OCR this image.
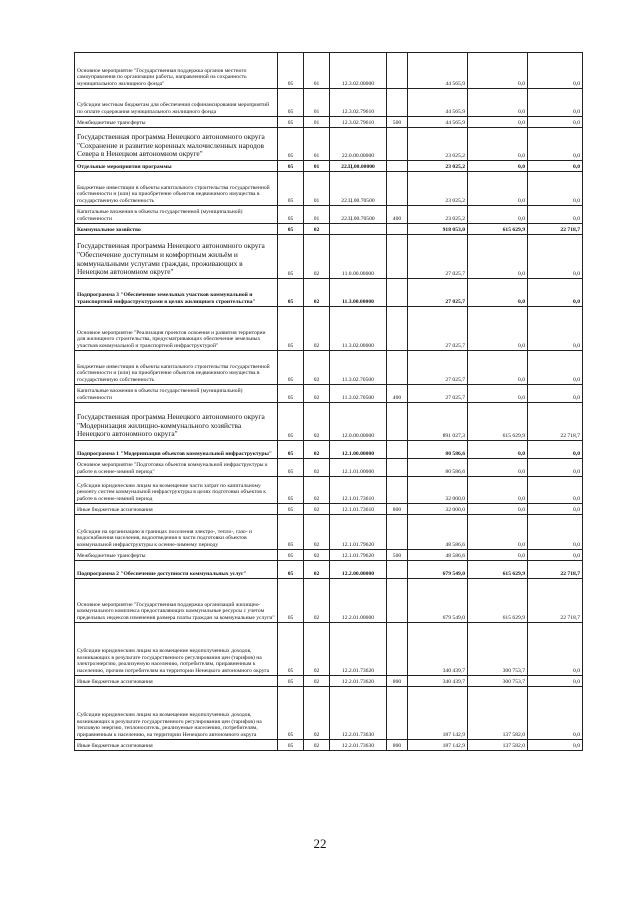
Основное мероприятие "Государственная поддержка органов местного самоуправления по организации работы, направленной на сохранность муниципального жилищного фонда"	05	01	12.3.02.00000		44 565,9	0,0	0,0
Субсидии местным бюджетам для обеспечения софинансирования мероприятий по оплате содержания муниципального жилищного фонда	05	01	12.3.02.79610		44 565,9	0,0	0,0
Межбюджетные трансферты	05	01	12.3.02.79610	500	44 565,9	0,0	0,0
Государственная программа Ненецкого автономного округа "Сохранение и развитие коренных малочисленных народов Севера в Ненецком автономном округе"	05	01	22.0.00.00000		23 025,2	0,0	0,0
Отдельные мероприятия программы	05	01	22.Ц.00.00000		23 025,2	0,0	0,0
Бюджетные инвестиции в объекты капитального строительства государственной собственности и (или) на приобретение объектов недвижимого имущества в государственную собственность	05	01	22.Ц.00.70500		23 025,2	0,0	0,0
Капитальные вложения в объекты государственной (муниципальной) собственности	05	01	22.Ц.00.70500	400	23 025,2	0,0	0,0
Коммунальное хозяйство	05	02			918 053,0	615 629,9	22 718,7
Государственная программа Ненецкого автономного округа "Обеспечение доступным и комфортным жильём и коммунальными услугами граждан, проживающих в Ненецком автономном округе"	05	02	11.0.00.00000		27 025,7	0,0	0,0
Подпрограмма 3 "Обеспечение земельных участков коммунальной и транспортной инфраструктурами в целях жилищного строительства"	05	02	11.3.00.00000		27 025,7	0,0	0,0
Основное мероприятие "Реализация проектов освоения и развития территории для жилищного строительства, предусматривающих обеспечение земельных участков коммунальной и транспортной инфраструктурой"	05	02	11.3.02.00000		27 025,7	0,0	0,0
Бюджетные инвестиции в объекты капитального строительства государственной собственности и (или) на приобретение объектов недвижимого имущества в государственную собственность	05	02	11.3.02.70500		27 025,7	0,0	0,0
Капитальные вложения в объекты государственной (муниципальной) собственности	05	02	11.3.02.70500	400	27 025,7	0,0	0,0
Государственная программа Ненецкого автономного округа "Модернизация жилищно-коммунального хозяйства Ненецкого автономного округа"	05	02	12.0.00.00000		891 027,3	615 629,9	22 718,7
Подпрограмма 1 "Модернизация объектов коммунальной инфраструктуры"	05	02	12.1.00.00000		80 586,6	0,0	0,0
Основное мероприятие "Подготовка объектов коммунальной инфраструктуры к работе в осенне-зимний период"	05	02	12.1.01.00000		80 586,6	0,0	0,0
Субсидии юридическим лицам на возмещение части затрат по капитальному ремонту систем коммунальной инфраструктуры в целях подготовки объектов к работе в осенне-зимний период	05	02	12.1.01.73610		32 000,0	0,0	0,0
Иные бюджетные ассигнования	05	02	12.1.01.73610	800	32 000,0	0,0	0,0
Субсидии на организацию в границах поселения электро-, тепло-, газо- и водоснабжения населения, водоотведения в части подготовки объектов коммунальной инфраструктуры к осенне-зимнему периоду	05	02	12.1.01.79620		48 586,6	0,0	0,0
Межбюджетные трансферты	05	02	12.1.01.79620	500	48 586,6	0,0	0,0
Подпрограмма 2 "Обеспечение доступности коммунальных услуг"	05	02	12.2.00.00000		679 549,0	615 629,9	22 718,7
Основное мероприятие "Государственная поддержка организаций жилищно-коммунального комплекса предоставляющих коммунальные ресурсы с учетом предельных индексов изменения размера платы граждан за коммунальные услуги"	05	02	12.2.01.00000		679 549,0	615 629,9	22 718,7
Субсидии юридическим лицам на возмещение недополученных доходов, возникающих в результате государственного регулирования цен (тарифов) на электроэнергию, реализуемую населению, потребителям, приравненным к населению, прочим потребителям на территории Ненецкого автономного округа	05	02	12.2.01.73620		340 439,7	300 753,7	0,0
Иные бюджетные ассигнования	05	02	12.2.01.73620	800	340 439,7	300 753,7	0,0
Субсидии юридическим лицам на возмещение недополученных доходов, возникающих в результате государственного регулирования цен (тарифов) на тепловую энергию, теплоноситель, реализуемые населению, потребителям, приравненным к населению, на территории Ненецкого автономного округа	05	02	12.2.01.73630		187 142,9	137 582,0	0,0
Иные бюджетные ассигнования	05	02	12.2.01.73630	800	187 142,9	137 582,0	0,0
22
